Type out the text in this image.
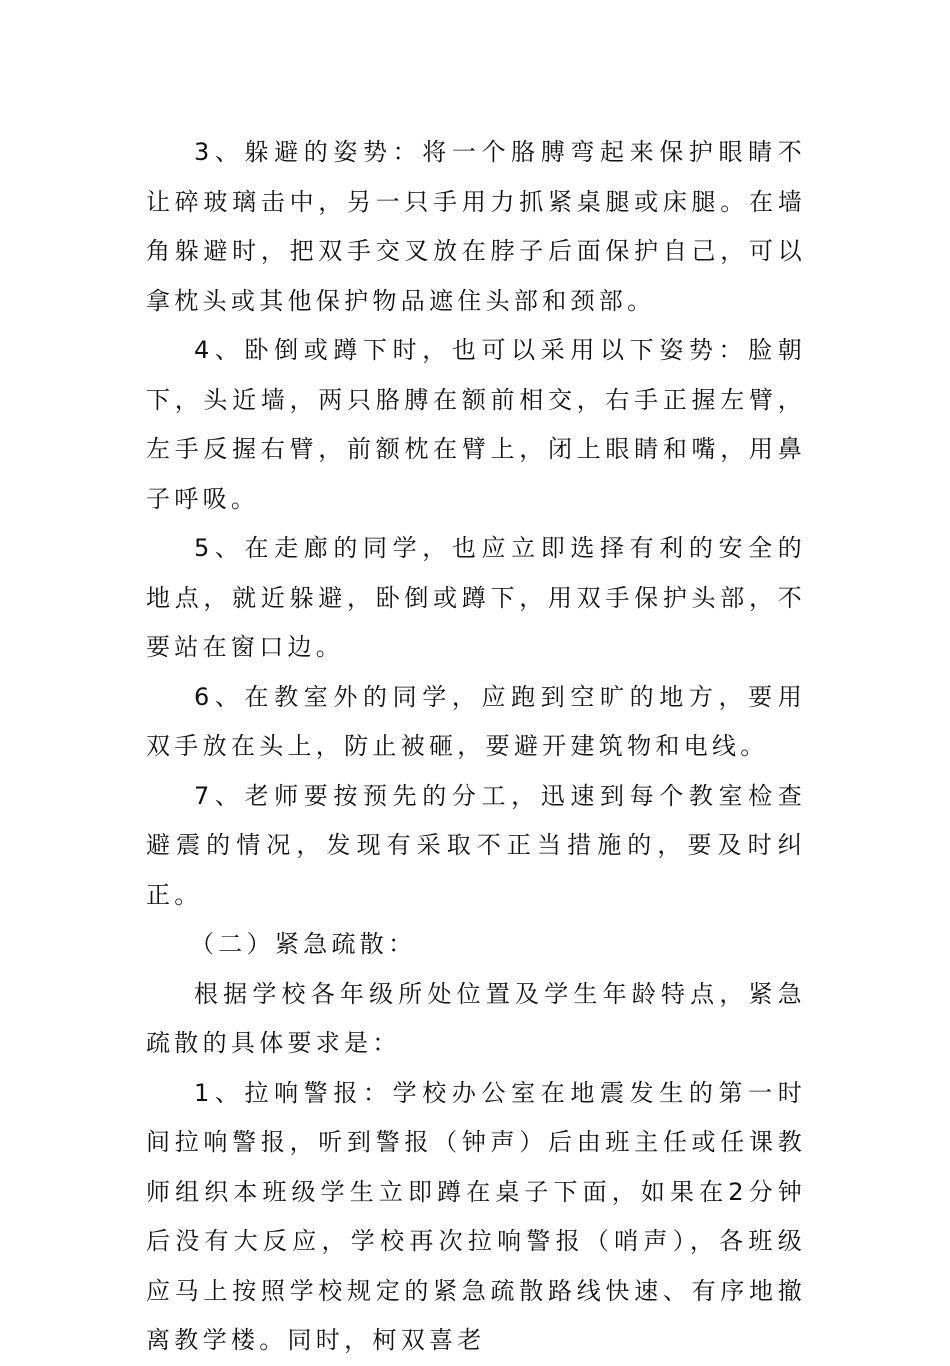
3、躲避的姿势：将一个胳膊弯起来保护眼睛不让碎玻璃击中，另一只手用力抓紧桌腿或床腿。在墙角躲避时，把双手交叉放在脖子后面保护自己，可以拿枕头或其他保护物品遮住头部和颈部。

4、卧倒或蹲下时，也可以采用以下姿势：脸朝下，头近墙，两只胳膊在额前相交，右手正握左臂，左手反握右臂，前额枕在臂上，闭上眼睛和嘴，用鼻子呼吸。

5、在走廊的同学，也应立即选择有利的安全的地点，就近躲避，卧倒或蹲下，用双手保护头部，不要站在窗口边。

6、在教室外的同学，应跑到空旷的地方，要用双手放在头上，防止被砸，要避开建筑物和电线。

7、老师要按预先的分工，迅速到每个教室检查避震的情况，发现有采取不正当措施的，要及时纠正。

（二）紧急疏散：

根据学校各年级所处位置及学生年龄特点，紧急疏散的具体要求是：

1、拉响警报：学校办公室在地震发生的第一时间拉响警报，听到警报（钟声）后由班主任或任课教师组织本班级学生立即蹲在桌子下面，如果在2分钟后没有大反应，学校再次拉响警报（哨声），各班级应马上按照学校规定的紧急疏散路线快速、有序地撤离教学楼。同时，柯双喜老
